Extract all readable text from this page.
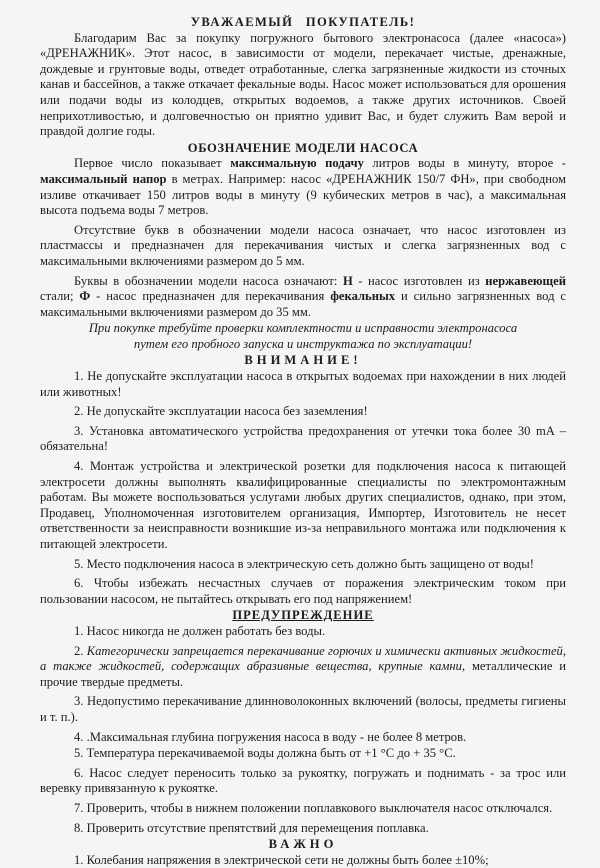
УВАЖАЕМЫЙ ПОКУПАТЕЛЬ!

Благодарим Вас за покупку погружного бытового электронасоса (далее «насоса») «ДРЕНАЖНИК». Этот насос, в зависимости от модели, перекачает чистые, дренажные, дождевые и грунтовые воды, отведет отработанные, слегка загрязненные жидкости из сточных канав и бассейнов, а также откачает фекальные воды. Насос может использоваться для орошения или подачи воды из колодцев, открытых водоемов, а также других источников. Своей неприхотливостью, и долговечностью он приятно удивит Вас, и будет служить Вам верой и правдой долгие годы.

ОБОЗНАЧЕНИЕ МОДЕЛИ НАСОСА

Первое число показывает максимальную подачу литров воды в минуту, второе - максимальный напор в метрах. Например: насос «ДРЕНАЖНИК 150/7 ФН», при свободном изливе откачивает 150 литров воды в минуту (9 кубических метров в час), а максимальная высота подъема воды 7 метров.

Отсутствие букв в обозначении модели насоса означает, что насос изготовлен из пластмассы и предназначен для перекачивания чистых и слегка загрязненных вод с максимальными включениями размером до 5 мм.

Буквы в обозначении модели насоса означают: Н - насос изготовлен из нержавеющей стали; Ф - насос предназначен для перекачивания фекальных и сильно загрязненных вод с максимальными включениями размером до 35 мм.

При покупке требуйте проверки комплектности и исправности электронасоса путем его пробного запуска и инструктажа по эксплуатации!

ВНИМАНИЕ!

1. Не допускайте эксплуатации насоса в открытых водоемах при нахождении в них людей или животных!

2. Не допускайте эксплуатации насоса без заземления!

3. Установка автоматического устройства предохранения от утечки тока более 30 mA – обязательна!

4. Монтаж устройства и электрической розетки для подключения насоса к питающей электросети должны выполнять квалифицированные специалисты по электромонтажным работам. Вы можете воспользоваться услугами любых других специалистов, однако, при этом, Продавец, Уполномоченная изготовителем организация, Импортер, Изготовитель не несет ответственности за неисправности возникшие из-за неправильного монтажа или подключения к питающей электросети.

5. Место подключения насоса в электрическую сеть должно быть защищено от воды!

6. Чтобы избежать несчастных случаев от поражения электрическим током при пользовании насосом, не пытайтесь открывать его под напряжением!

ПРЕДУПРЕЖДЕНИЕ

1. Насос никогда не должен работать без воды.

2. Категорически запрещается перекачивание горючих и химически активных жидкостей, а также жидкостей, содержащих абразивные вещества, крупные камни, металлические и прочие твердые предметы.

3. Недопустимо перекачивание длинноволоконных включений (волосы, предметы гигиены и т. п.).

4. .Максимальная глубина погружения насоса в воду - не более 8 метров.

5. Температура перекачиваемой воды должна быть от +1 °С до + 35 °С.

6. Насос следует переносить только за рукоятку, погружать и поднимать - за трос или веревку привязанную к рукоятке.

7. Проверить, чтобы в нижнем положении поплавкового выключателя насос отключался.

8. Проверить отсутствие препятствий для перемещения поплавка.

ВАЖНО

1. Колебания напряжения в электрической сети не должны быть более ±10%;
